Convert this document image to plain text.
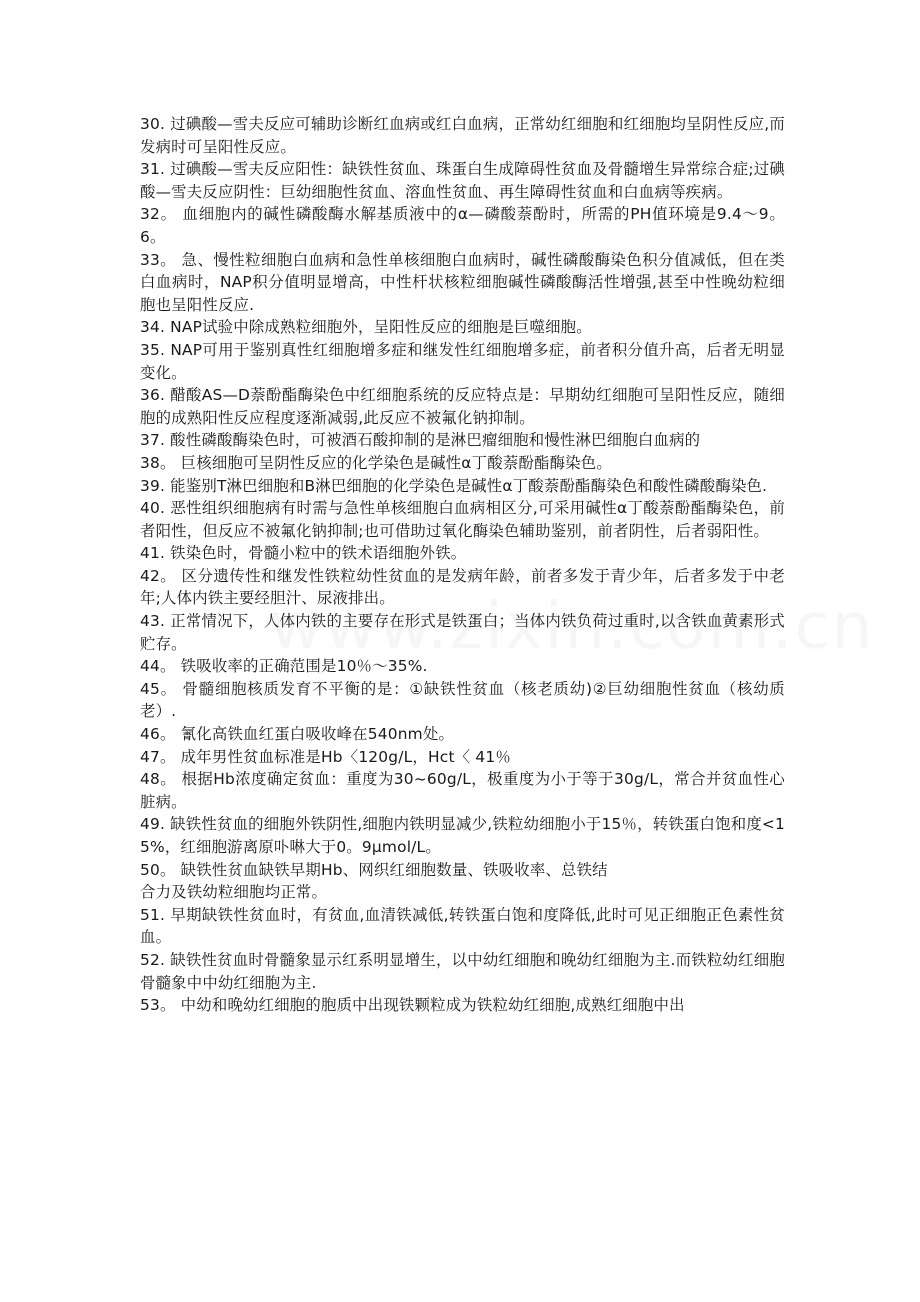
30. 过碘酸—雪夫反应可辅助诊断红血病或红白血病，正常幼红细胞和红细胞均呈阴性反应,而发病时可呈阳性反应。

31. 过碘酸—雪夫反应阳性：缺铁性贫血、珠蛋白生成障碍性贫血及骨髓增生异常综合症;过碘酸—雪夫反应阴性：巨幼细胞性贫血、溶血性贫血、再生障碍性贫血和白血病等疾病。

32。 血细胞内的碱性磷酸酶水解基质液中的α—磷酸萘酚时，所需的PH值环境是9.4～9。6。

33。 急、慢性粒细胞白血病和急性单核细胞白血病时，碱性磷酸酶染色积分值减低，但在类白血病时，NAP积分值明显增高，中性杆状核粒细胞碱性磷酸酶活性增强,甚至中性晚幼粒细胞也呈阳性反应.

34. NAP试验中除成熟粒细胞外，呈阳性反应的细胞是巨噬细胞。

35. NAP可用于鉴别真性红细胞增多症和继发性红细胞增多症，前者积分值升高，后者无明显变化。

36. 醋酸AS—D萘酚酯酶染色中红细胞系统的反应特点是：早期幼红细胞可呈阳性反应，随细胞的成熟阳性反应程度逐渐减弱,此反应不被氟化钠抑制。

37. 酸性磷酸酶染色时，可被酒石酸抑制的是淋巴瘤细胞和慢性淋巴细胞白血病的

38。 巨核细胞可呈阴性反应的化学染色是碱性α丁酸萘酚酯酶染色。

39. 能鉴别T淋巴细胞和B淋巴细胞的化学染色是碱性α丁酸萘酚酯酶染色和酸性磷酸酶染色.

40. 恶性组织细胞病有时需与急性单核细胞白血病相区分,可采用碱性α丁酸萘酚酯酶染色，前者阳性，但反应不被氟化钠抑制;也可借助过氧化酶染色辅助鉴别，前者阴性，后者弱阳性。

41. 铁染色时，骨髓小粒中的铁术语细胞外铁。

42。 区分遗传性和继发性铁粒幼性贫血的是发病年龄，前者多发于青少年，后者多发于中老年;人体内铁主要经胆汁、尿液排出。

43. 正常情况下，人体内铁的主要存在形式是铁蛋白；当体内铁负荷过重时,以含铁血黄素形式贮存。

44。 铁吸收率的正确范围是10％～35%.

45。 骨髓细胞核质发育不平衡的是：①缺铁性贫血（核老质幼)②巨幼细胞性贫血（核幼质老）.

46。 氰化高铁血红蛋白吸收峰在540nm处。

47。 成年男性贫血标准是Hb〈120g/L，Hct〈 41％

48。 根据Hb浓度确定贫血：重度为30~60g/L，极重度为小于等于30g/L，常合并贫血性心脏病。

49. 缺铁性贫血的细胞外铁阴性,细胞内铁明显减少,铁粒幼细胞小于15％，转铁蛋白饱和度<15%，红细胞游离原卟啉大于0。9μmol/L。

50。 缺铁性贫血缺铁早期Hb、网织红细胞数量、铁吸收率、总铁结

合力及铁幼粒细胞均正常。

51. 早期缺铁性贫血时，有贫血,血清铁减低,转铁蛋白饱和度降低,此时可见正细胞正色素性贫血。

52. 缺铁性贫血时骨髓象显示红系明显增生，以中幼红细胞和晚幼红细胞为主.而铁粒幼红细胞骨髓象中中幼红细胞为主.

53。 中幼和晚幼红细胞的胞质中出现铁颗粒成为铁粒幼红细胞,成熟红细胞中出
